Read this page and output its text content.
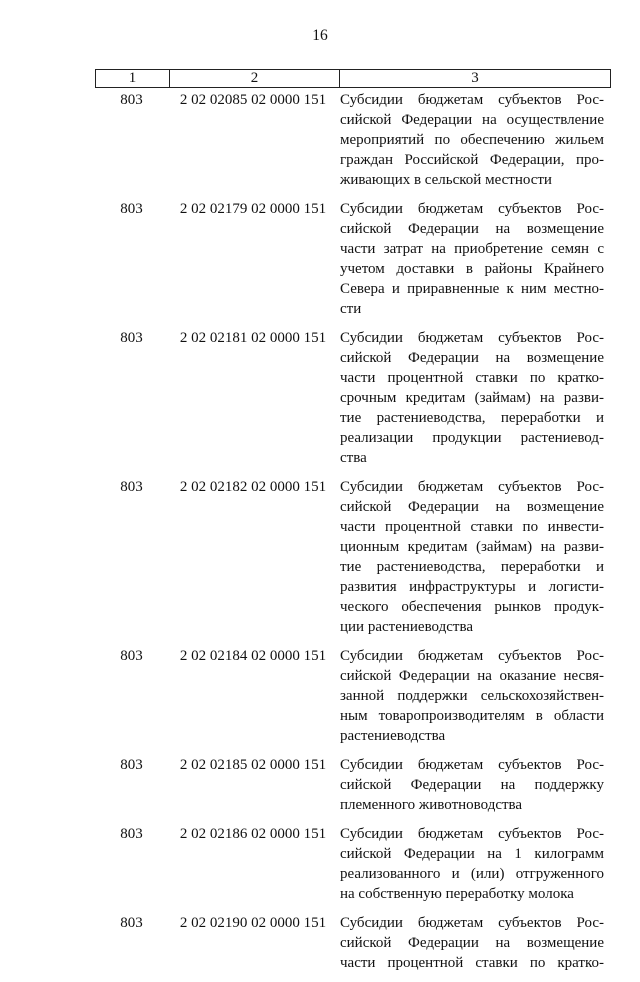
16
1	2	3
803	2 02 02085 02 0000 151 Субсидии бюджетам субъектов Рос-
сийской Федерации на осуществление
мероприятий по обеспечению жильем
граждан Российской Федерации, про-
живающих в сельской местности
803	2 02 02179 02 0000 151 Субсидии бюджетам субъектов Рос-
сийской Федерации на возмещение
части затрат на приобретение семян с
учетом доставки в районы Крайнего
Севера и приравненные к ним местно-
сти
803	2 02 02181 02 0000 151 Субсидии бюджетам субъектов Рос-
сийской Федерации на возмещение
части процентной ставки по кратко-
срочным кредитам (займам) на разви-
тие растениеводства, переработки и
реализации продукции растениевод-
ства
803	2 02 02182 02 0000 151 Субсидии бюджетам субъектов Рос-
сийской Федерации на возмещение
части процентной ставки по инвести-
ционным кредитам (займам) на разви-
тие растениеводства, переработки и
развития инфраструктуры и логисти-
ческого обеспечения рынков продук-
ции растениеводства
803	2 02 02184 02 0000 151 Субсидии бюджетам субъектов Рос-
сийской Федерации на оказание несвя-
занной поддержки сельскохозяйствен-
ным товаропроизводителям в области
растениеводства
803	2 02 02185 02 0000 151 Субсидии бюджетам субъектов Рос-
сийской Федерации на поддержку
племенного животноводства
803	2 02 02186 02 0000 151 Субсидии бюджетам субъектов Рос-
сийской Федерации на 1 килограмм
реализованного и (или) отгруженного
на собственную переработку молока
803	2 02 02190 02 0000 151 Субсидии бюджетам субъектов Рос-
сийской Федерации на возмещение
части процентной ставки по кратко-
